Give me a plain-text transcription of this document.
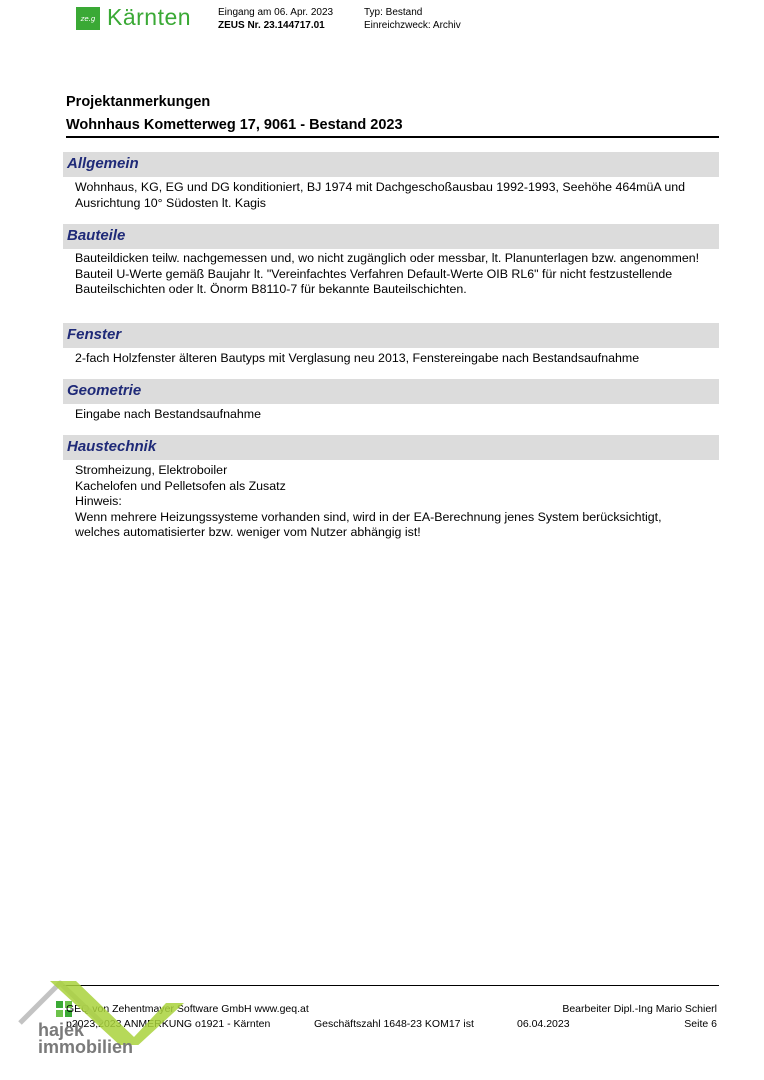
ze.g Kärnten	Eingang am 06. Apr. 2023
ZEUS Nr. 23.144717.01
Typ: Bestand
Einreichzweck: Archiv
Projektanmerkungen
Wohnhaus Kometterweg 17, 9061 - Bestand 2023
Allgemein
Wohnhaus, KG, EG und DG konditioniert, BJ 1974 mit Dachgeschoßausbau 1992-1993, Seehöhe 464müA und
Ausrichtung 10° Südosten lt. Kagis
Bauteile
Bauteildicken teilw. nachgemessen und, wo nicht zugänglich oder messbar, lt. Planunterlagen bzw. angenommen!
Bauteil U-Werte gemäß Baujahr lt. "Vereinfachtes Verfahren Default-Werte OIB RL6" für nicht festzustellende
Bauteilschichten oder lt. Önorm B8110-7 für bekannte Bauteilschichten.
Fenster
2-fach Holzfenster älteren Bautyps mit Verglasung neu 2013, Fenstereingabe nach Bestandsaufnahme
Geometrie
Eingabe nach Bestandsaufnahme
Haustechnik
Stromheizung, Elektroboiler
Kachelofen und Pelletsofen als Zusatz
Hinweis:
Wenn mehrere Heizungssysteme vorhanden sind, wird in der EA-Berechnung jenes System berücksichtigt,
welches automatisierter bzw. weniger vom Nutzer abhängig ist!
GEQ von Zehentmayer Software GmbH www.geq.at
p2023,2023 ANMERKUNG o1921 - Kärnten	Geschäftszahl 1648-23 KOM17 ist	06.04.2023
Bearbeiter Dipl.-Ing Mario Schierl
Seite 6
hajek
immobilien
